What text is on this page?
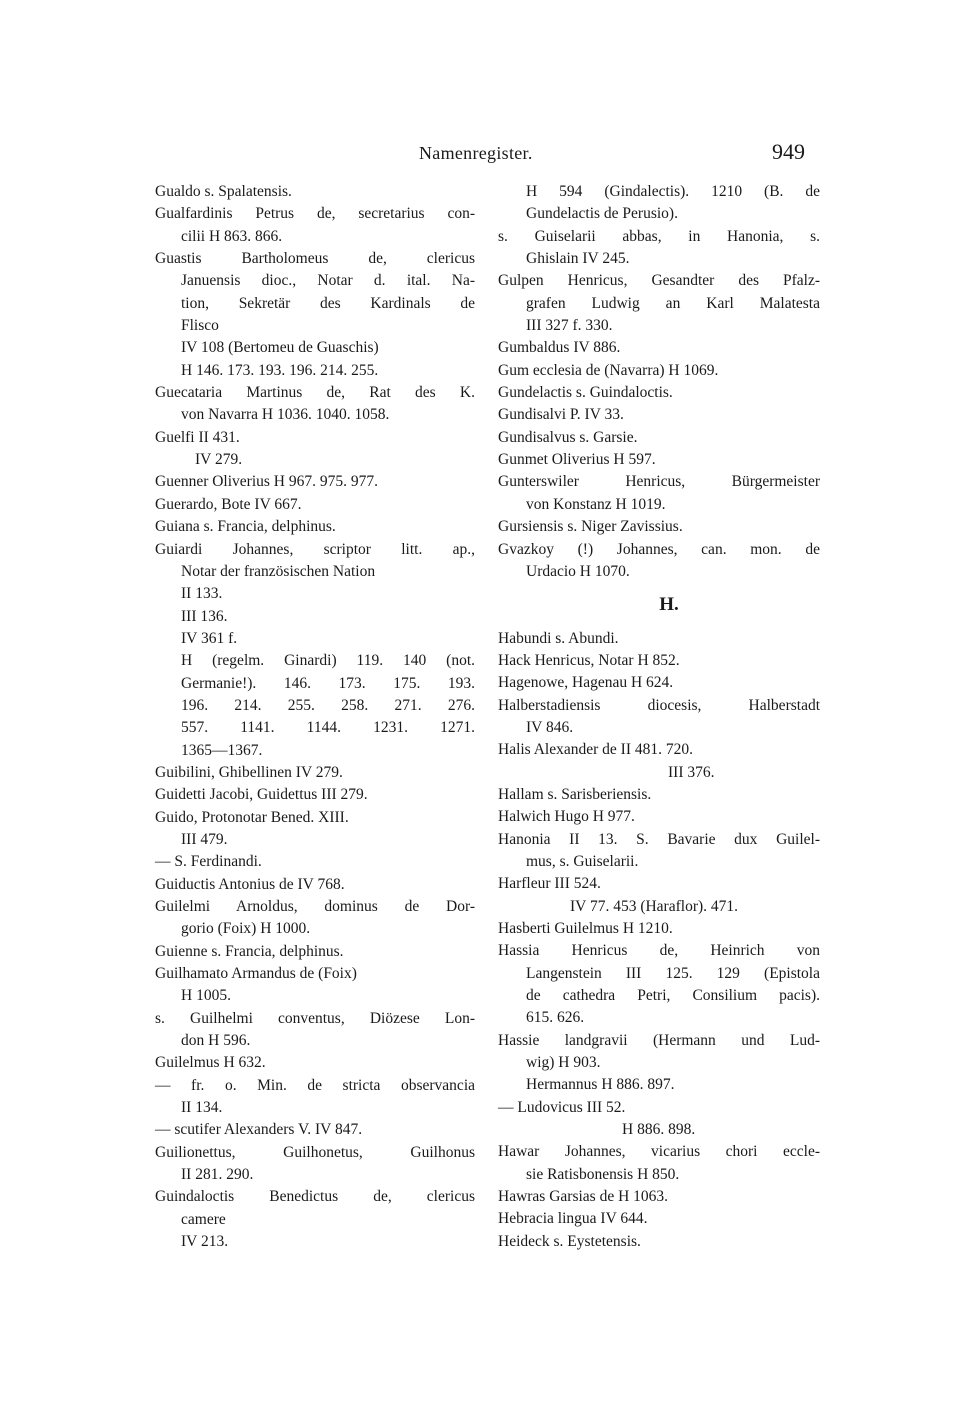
Namenregister.	949
Gualdo s. Spalatensis.
Gualfardinis Petrus de, secretarius con-
cilii H 863. 866.
Guastis Bartholomeus de, clericus
Januensis dioc., Notar d. ital. Na-
tion, Sekretär des Kardinals de
Flisco
IV 108 (Bertomeu de Guaschis)
H 146. 173. 193. 196. 214. 255.
Guecataria Martinus de, Rat des K.
von Navarra H 1036. 1040. 1058.
Guelfi II 431.
IV 279.
Guenner Oliverius H 967. 975. 977.
Guerardo, Bote IV 667.
Guiana s. Francia, delphinus.
Guiardi Johannes, scriptor litt. ap.,
Notar der französischen Nation
II 133.
III 136.
IV 361 f.
H (regelm. Ginardi) 119. 140 (not.
Germanie!). 146. 173. 175. 193.
196. 214. 255. 258. 271. 276.
557. 1141. 1144. 1231. 1271.
1365—1367.
Guibilini, Ghibellinen IV 279.
Guidetti Jacobi, Guidettus III 279.
Guido, Protonotar Bened. XIII.
III 479.
— S. Ferdinandi.
Guiductis Antonius de IV 768.
Guilelmi Arnoldus, dominus de Dor-
gorio (Foix) H 1000.
Guienne s. Francia, delphinus.
Guilhamato Armandus de (Foix)
H 1005.
s. Guilhelmi conventus, Diözese Lon-
don H 596.
Guilelmus H 632.
— fr. o. Min. de stricta observancia
II 134.
— scutifer Alexanders V. IV 847.
Guilionettus, Guilhonetus, Guilhonus
II 281. 290.
Guindaloctis Benedictus de, clericus
camere
IV 213.
H 594 (Gindalectis). 1210 (B. de
Gundelactis de Perusio).
s. Guiselarii abbas, in Hanonia, s.
Ghislain IV 245.
Gulpen Henricus, Gesandter des Pfalz-
grafen Ludwig an Karl Malatesta
III 327 f. 330.
Gumbaldus IV 886.
Gum ecclesia de (Navarra) H 1069.
Gundelactis s. Guindaloctis.
Gundisalvi P. IV 33.
Gundisalvus s. Garsie.
Gunmet Oliverius H 597.
Gunterswiler Henricus, Bürgermeister
von Konstanz H 1019.
Gursiensis s. Niger Zavissius.
Gvazkoy (!) Johannes, can. mon. de
Urdacio H 1070.
H.
Habundi s. Abundi.
Hack Henricus, Notar H 852.
Hagenowe, Hagenau H 624.
Halberstadiensis diocesis, Halberstadt
IV 846.
Halis Alexander de II 481. 720.
III 376.
Hallam s. Sarisberiensis.
Halwich Hugo H 977.
Hanonia II 13. S. Bavarie dux Guilel-
mus, s. Guiselarii.
Harfleur III 524.
IV 77. 453 (Haraflor). 471.
Hasberti Guilelmus H 1210.
Hassia Henricus de, Heinrich von
Langenstein III 125. 129 (Epistola
de cathedra Petri, Consilium pacis).
615. 626.
Hassie landgravii (Hermann und Lud-
wig) H 903.
Hermannus H 886. 897.
— Ludovicus III 52.
H 886. 898.
Hawar Johannes, vicarius chori eccle-
sie Ratisbonensis H 850.
Hawras Garsias de H 1063.
Hebracia lingua IV 644.
Heideck s. Eystetensis.
